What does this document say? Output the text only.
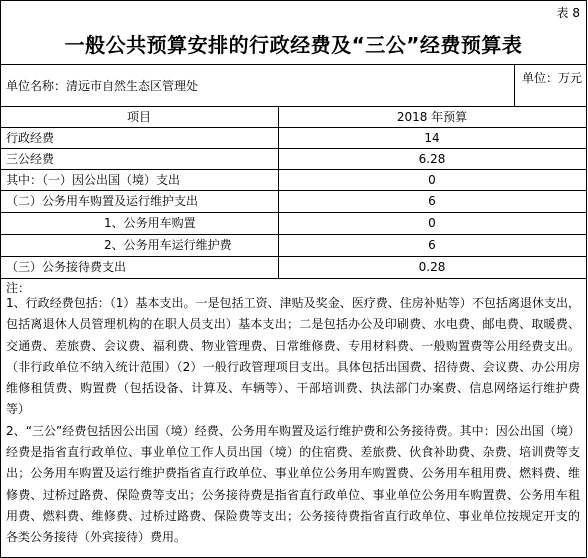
表 8
一般公共预算安排的行政经费及“三公”经费预算表
单位名称：清远市自然生态区管理处
单位：万元
项目	2018 年预算
行政经费	14
三公经费	6.28
其中：（一）因公出国（境）支出	0
（二）公务用车购置及运行维护支出	6
1、公务用车购置	0
2、公务用车运行维护费	6
（三）公务接待费支出	0.28
注：

1、行政经费包括：（1）基本支出。一是包括工资、津贴及奖金、医疗费、住房补贴等）不包括离退休支出，包括离退休人员管理机构的在职人员支出）基本支出；二是包括办公及印刷费、水电费、邮电费、取暖费、交通费、差旅费、会议费、福利费、物业管理费、日常维修费、专用材料费、一般购置费等公用经费支出。（非行政单位不纳入统计范围）（2）一般行政管理项目支出。具体包括出国费、招待费、会议费、办公用房维修租赁费、购置费（包括设备、计算及、车辆等）、干部培训费、执法部门办案费、信息网络运行维护费等）

2、“三公”经费包括因公出国（境）经费、公务用车购置及运行维护费和公务接待费。其中：因公出国（境）经费是指省直行政单位、事业单位工作人员出国（境）的住宿费、差旅费、伙食补助费、杂费、培训费等支出；公务用车购置及运行维护费指省直行政单位、事业单位公务用车购置费、公务用车租用费、燃料费、维修费、过桥过路费、保险费等支出；公务接待费是指省直行政单位、事业单位公务用车购置费、公务用车租用费、燃料费、维修费、过桥过路费、保险费等支出；公务接待费指省直行政单位、事业单位按规定开支的各类公务接待（外宾接待）费用。
